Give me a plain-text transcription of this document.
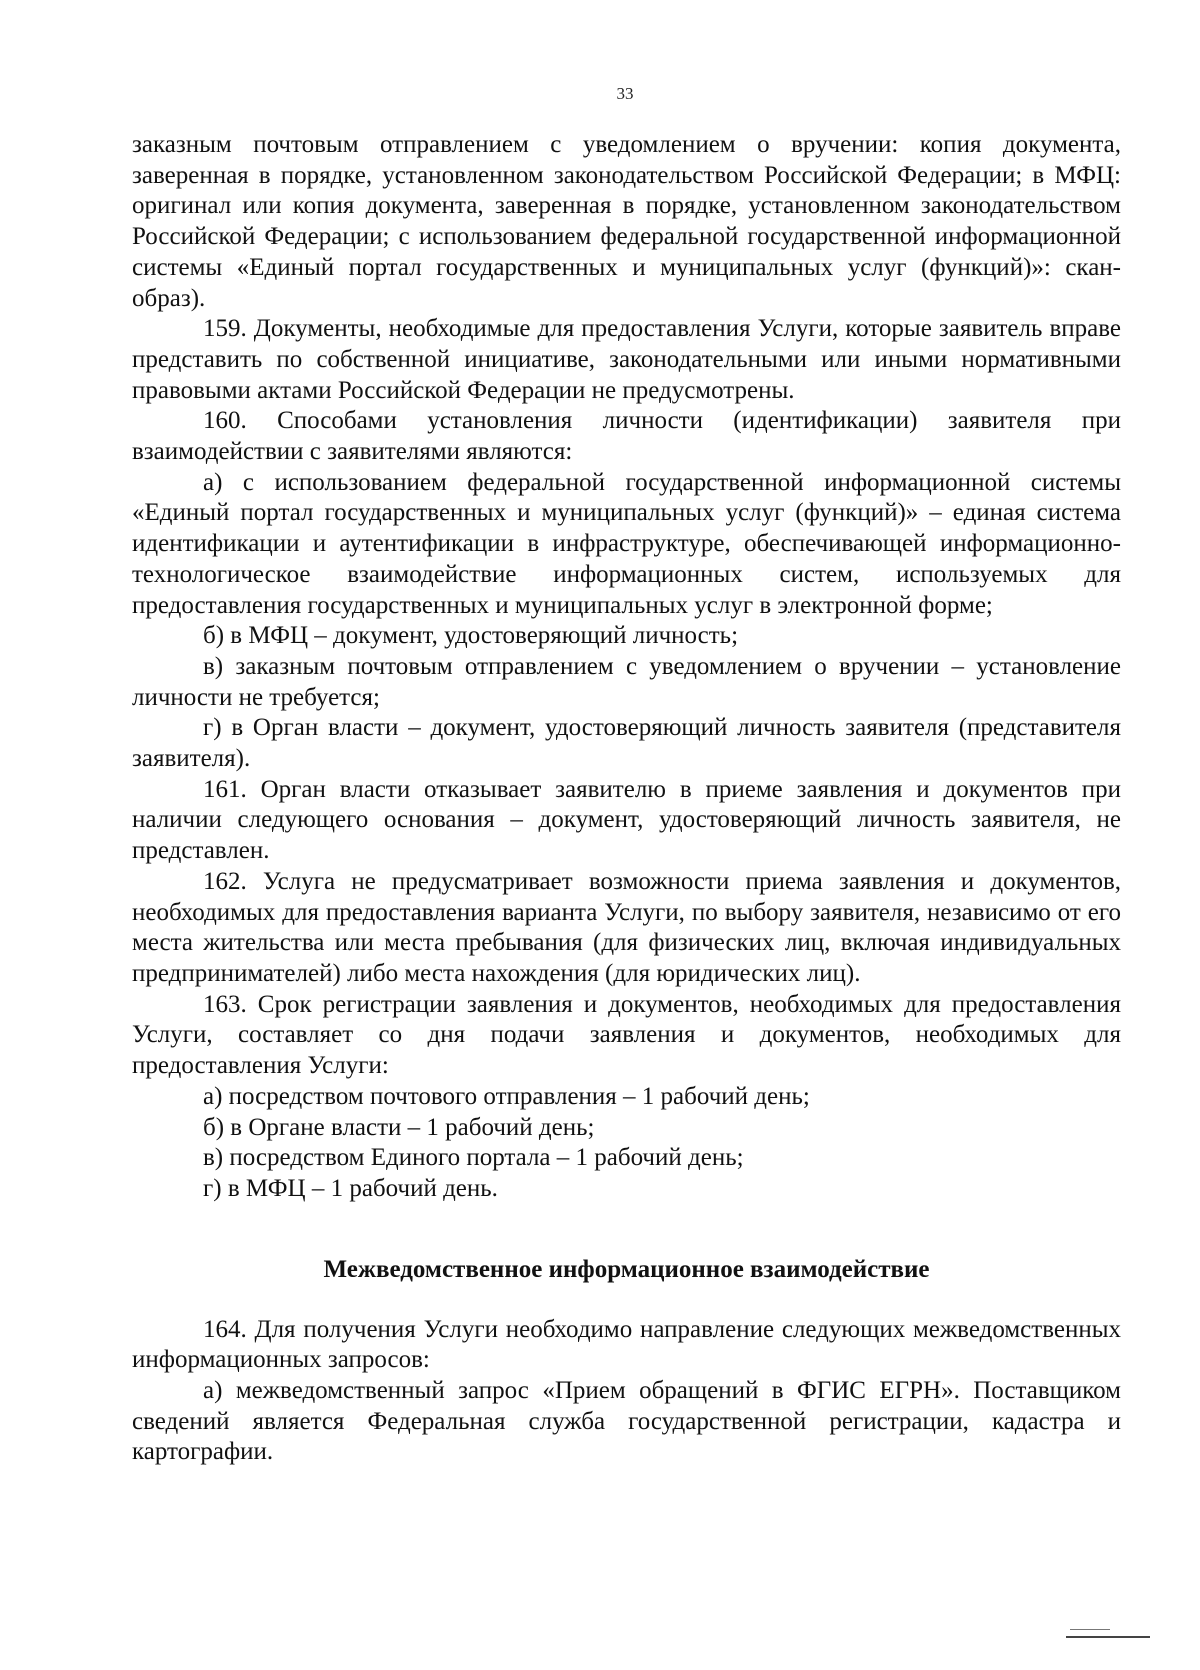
33

заказным почтовым отправлением с уведомлением о вручении: копия документа, заверенная в порядке, установленном законодательством Российской Федерации; в МФЦ: оригинал или копия документа, заверенная в порядке, установленном законодательством Российской Федерации; с использованием федеральной государственной информационной системы «Единый портал государственных и муниципальных услуг (функций)»: скан-образ).

159. Документы, необходимые для предоставления Услуги, которые заявитель вправе представить по собственной инициативе, законодательными или иными нормативными правовыми актами Российской Федерации не предусмотрены.

160. Способами установления личности (идентификации) заявителя при взаимодействии с заявителями являются:

а) с использованием федеральной государственной информационной системы «Единый портал государственных и муниципальных услуг (функций)» – единая система идентификации и аутентификации в инфраструктуре, обеспечивающей информационно-технологическое взаимодействие информационных систем, используемых для предоставления государственных и муниципальных услуг в электронной форме;

б) в МФЦ – документ, удостоверяющий личность;

в) заказным почтовым отправлением с уведомлением о вручении – установление личности не требуется;

г) в Орган власти – документ, удостоверяющий личность заявителя (представителя заявителя).

161. Орган власти отказывает заявителю в приеме заявления и документов при наличии следующего основания – документ, удостоверяющий личность заявителя, не представлен.

162. Услуга не предусматривает возможности приема заявления и документов, необходимых для предоставления варианта Услуги, по выбору заявителя, независимо от его места жительства или места пребывания (для физических лиц, включая индивидуальных предпринимателей) либо места нахождения (для юридических лиц).

163. Срок регистрации заявления и документов, необходимых для предоставления Услуги, составляет со дня подачи заявления и документов, необходимых для предоставления Услуги:

а) посредством почтового отправления – 1 рабочий день;

б) в Органе власти – 1 рабочий день;

в) посредством Единого портала – 1 рабочий день;

г) в МФЦ – 1 рабочий день.

Межведомственное информационное взаимодействие

164. Для получения Услуги необходимо направление следующих межведомственных информационных запросов:

а) межведомственный запрос «Прием обращений в ФГИС ЕГРН». Поставщиком сведений является Федеральная служба государственной регистрации, кадастра и картографии.
